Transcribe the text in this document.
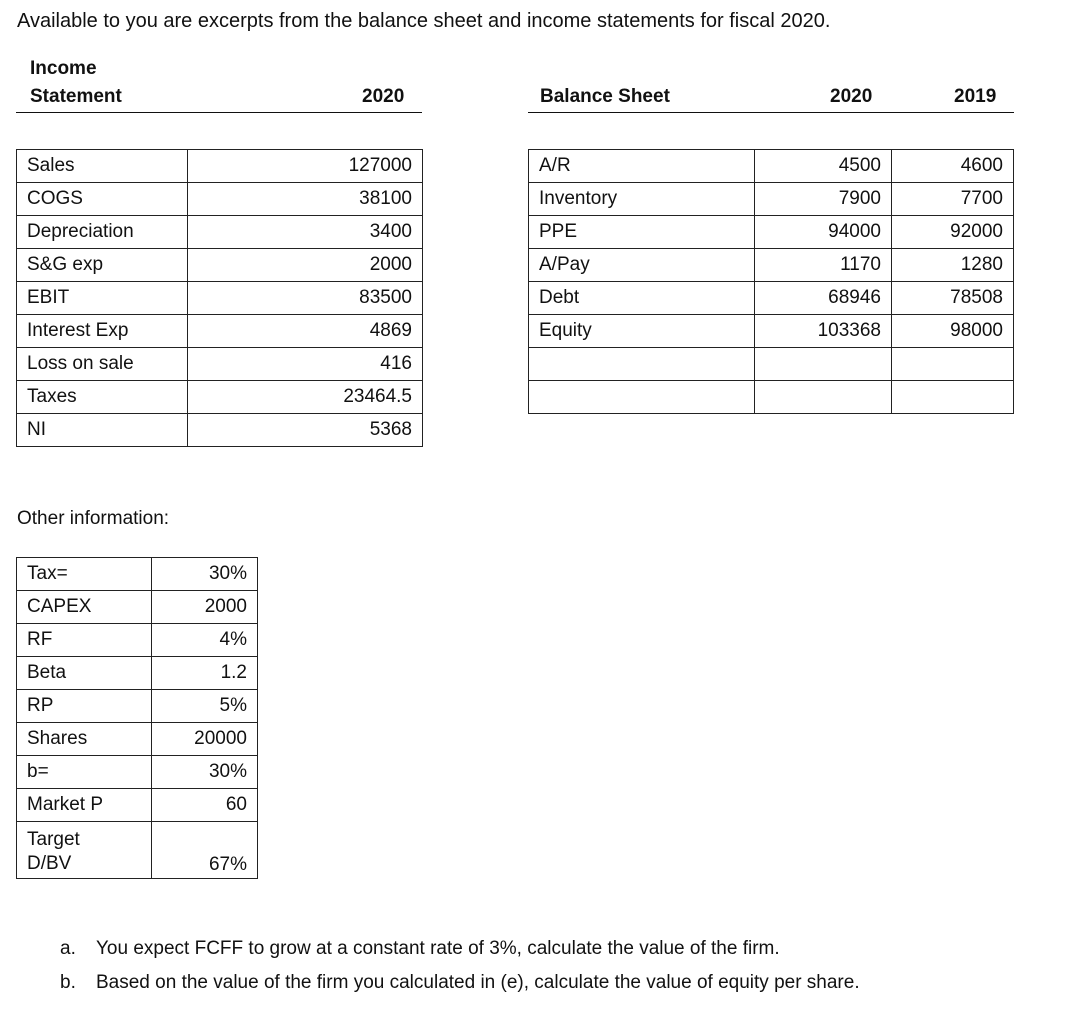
Available to you are excerpts from the balance sheet and income statements for fiscal 2020.
Income
Statement	2020	Balance Sheet	2020	2019
Sales	127000
COGS	38100
Depreciation	3400
S&G exp	2000
EBIT	83500
Interest Exp	4869
Loss on sale	416
Taxes	23464.5
NI	5368
A/R	4500	4600
Inventory	7900	7700
PPE	94000	92000
A/Pay	1170	1280
Debt	68946	78508
Equity	103368	98000

Other information:
Tax=	30%
CAPEX	2000
RF	4%
Beta	1.2
RP	5%
Shares	20000
b=	30%
Market P	60

Target
D/BV	67%
a. You expect FCFF to grow at a constant rate of 3%, calculate the value of the firm.
b. Based on the value of the firm you calculated in (e), calculate the value of equity per share.
